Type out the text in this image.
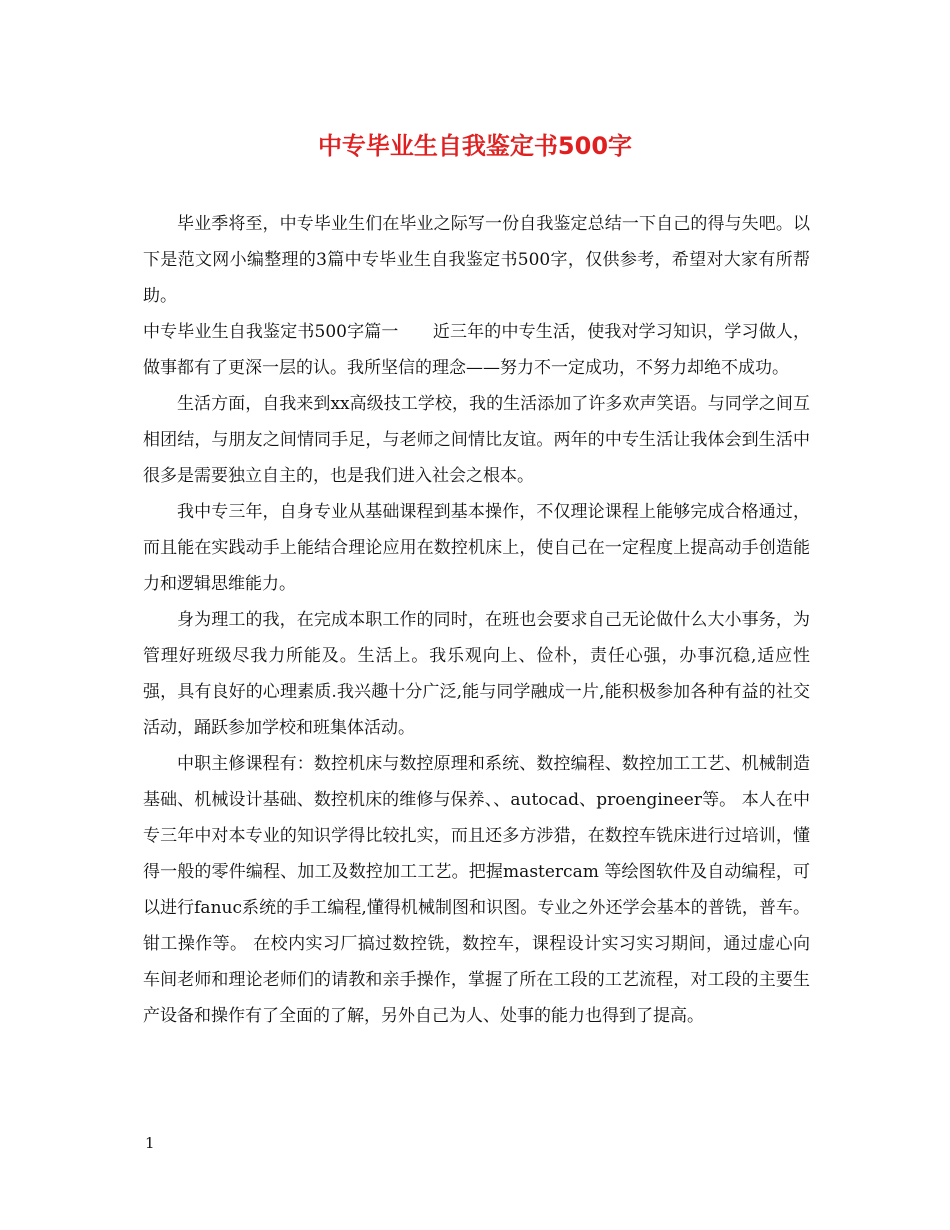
中专毕业生自我鉴定书500字

毕业季将至，中专毕业生们在毕业之际写一份自我鉴定总结一下自己的得与失吧。以下是范文网小编整理的3篇中专毕业生自我鉴定书500字，仅供参考，希望对大家有所帮助。

中专毕业生自我鉴定书500字篇一　　近三年的中专生活，使我对学习知识，学习做人，做事都有了更深一层的认。我所坚信的理念——努力不一定成功，不努力却绝不成功。

生活方面，自我来到xx高级技工学校，我的生活添加了许多欢声笑语。与同学之间互相团结，与朋友之间情同手足，与老师之间情比友谊。两年的中专生活让我体会到生活中很多是需要独立自主的，也是我们进入社会之根本。

我中专三年，自身专业从基础课程到基本操作，不仅理论课程上能够完成合格通过，而且能在实践动手上能结合理论应用在数控机床上，使自己在一定程度上提高动手创造能力和逻辑思维能力。

身为理工的我，在完成本职工作的同时，在班也会要求自己无论做什么大小事务，为管理好班级尽我力所能及。生活上。我乐观向上、俭朴，责任心强，办事沉稳,适应性强，具有良好的心理素质.我兴趣十分广泛,能与同学融成一片,能积极参加各种有益的社交活动，踊跃参加学校和班集体活动。

中职主修课程有：数控机床与数控原理和系统、数控编程、数控加工工艺、机械制造基础、机械设计基础、数控机床的维修与保养、、autocad、proengineer等。 本人在中专三年中对本专业的知识学得比较扎实，而且还多方涉猎，在数控车铣床进行过培训，懂得一般的零件编程、加工及数控加工工艺。把握mastercam 等绘图软件及自动编程，可以进行fanuc系统的手工编程,懂得机械制图和识图。专业之外还学会基本的普铣，普车。钳工操作等。 在校内实习厂搞过数控铣，数控车，课程设计实习实习期间，通过虚心向车间老师和理论老师们的请教和亲手操作，掌握了所在工段的工艺流程，对工段的主要生产设备和操作有了全面的了解，另外自己为人、处事的能力也得到了提高。

1
